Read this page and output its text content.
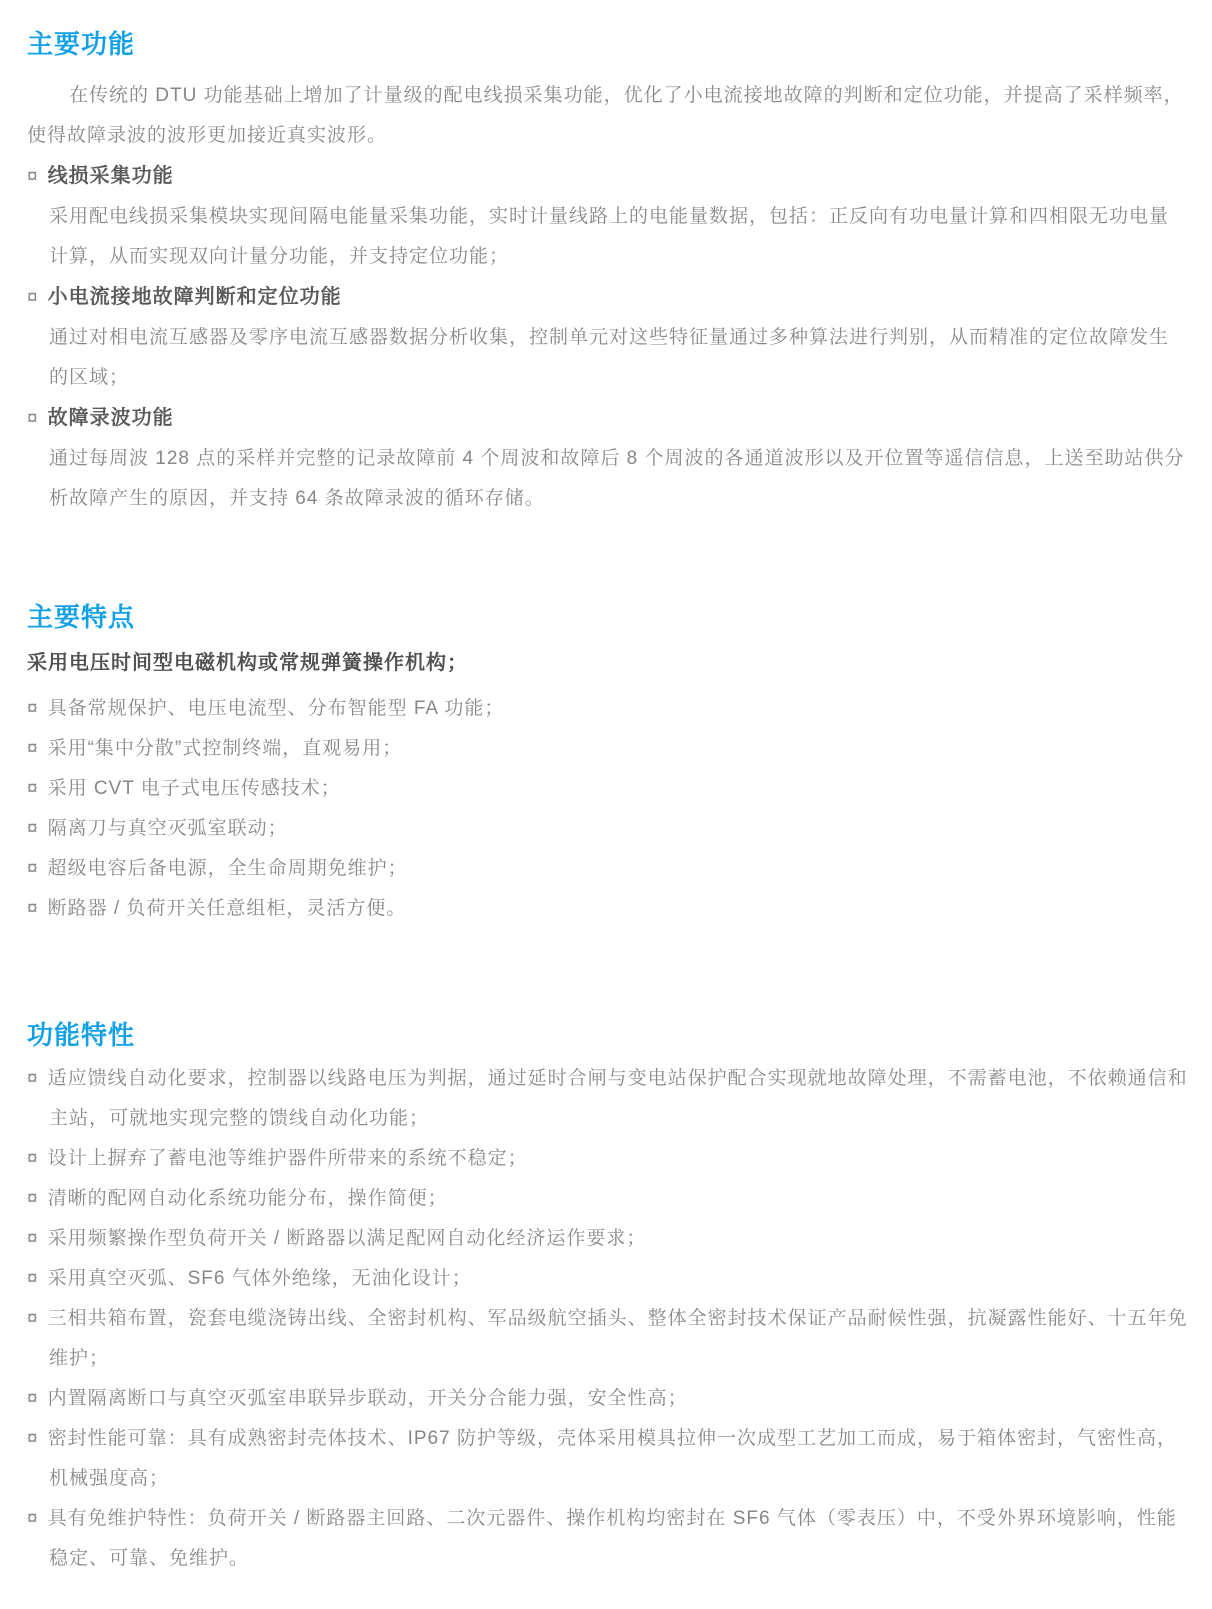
主要功能

在传统的 DTU 功能基础上增加了计量级的配电线损采集功能，优化了小电流接地故障的判断和定位功能，并提高了采样频率，使得故障录波的波形更加接近真实波形。

¤ 线损采集功能

采用配电线损采集模块实现间隔电能量采集功能，实时计量线路上的电能量数据，包括：正反向有功电量计算和四相限无功电量计算，从而实现双向计量分功能，并支持定位功能；

¤ 小电流接地故障判断和定位功能

通过对相电流互感器及零序电流互感器数据分析收集，控制单元对这些特征量通过多种算法进行判别，从而精准的定位故障发生的区域；

¤ 故障录波功能

通过每周波 128 点的采样并完整的记录故障前 4 个周波和故障后 8 个周波的各通道波形以及开位置等遥信信息，上送至助站供分析故障产生的原因，并支持 64 条故障录波的循环存储。

主要特点

采用电压时间型电磁机构或常规弹簧操作机构；

¤ 具备常规保护、电压电流型、分布智能型 FA 功能；
¤ 采用“集中分散”式控制终端，直观易用；
¤ 采用 CVT 电子式电压传感技术；
¤ 隔离刀与真空灭弧室联动；
¤ 超级电容后备电源，全生命周期免维护；
¤ 断路器 / 负荷开关任意组柜，灵活方便。
功能特性
¤ 适应馈线自动化要求，控制器以线路电压为判据，通过延时合闸与变电站保护配合实现就地故障处理，不需蓄电池，不依赖通信和主站，可就地实现完整的馈线自动化功能；
¤ 设计上摒弃了蓄电池等维护器件所带来的系统不稳定；
¤ 清晰的配网自动化系统功能分布，操作简便；
¤ 采用频繁操作型负荷开关 / 断路器以满足配网自动化经济运作要求；
¤ 采用真空灭弧、SF6 气体外绝缘，无油化设计；
¤ 三相共箱布置，瓷套电缆浇铸出线、全密封机构、军品级航空插头、整体全密封技术保证产品耐候性强，抗凝露性能好、十五年免维护；
¤ 内置隔离断口与真空灭弧室串联异步联动，开关分合能力强，安全性高；
¤ 密封性能可靠：具有成熟密封壳体技术、IP67 防护等级，壳体采用模具拉伸一次成型工艺加工而成，易于箱体密封，气密性高，机械强度高；
¤ 具有免维护特性：负荷开关 / 断路器主回路、二次元器件、操作机构均密封在 SF6 气体（零表压）中，不受外界环境影响，性能稳定、可靠、免维护。
